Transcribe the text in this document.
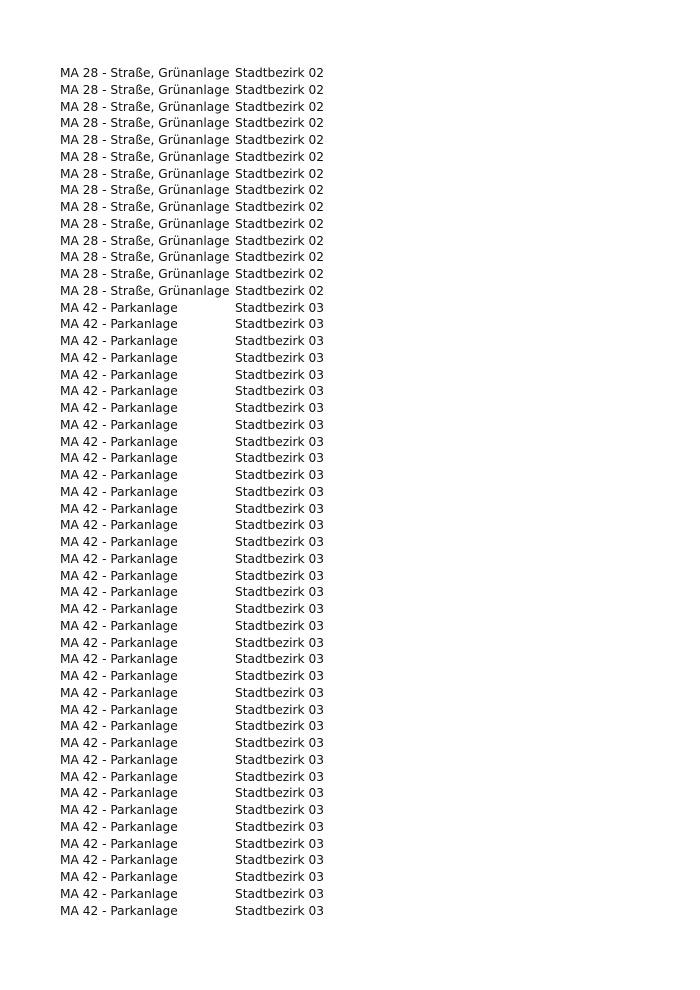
MA 28 - Straße, Grünanlage Stadtbezirk 02
MA 28 - Straße, Grünanlage Stadtbezirk 02
MA 28 - Straße, Grünanlage Stadtbezirk 02
MA 28 - Straße, Grünanlage Stadtbezirk 02
MA 28 - Straße, Grünanlage Stadtbezirk 02
MA 28 - Straße, Grünanlage Stadtbezirk 02
MA 28 - Straße, Grünanlage Stadtbezirk 02
MA 28 - Straße, Grünanlage Stadtbezirk 02
MA 28 - Straße, Grünanlage Stadtbezirk 02
MA 28 - Straße, Grünanlage Stadtbezirk 02
MA 28 - Straße, Grünanlage Stadtbezirk 02
MA 28 - Straße, Grünanlage Stadtbezirk 02
MA 28 - Straße, Grünanlage Stadtbezirk 02
MA 28 - Straße, Grünanlage Stadtbezirk 02
MA 42 - Parkanlage	Stadtbezirk 03
MA 42 - Parkanlage	Stadtbezirk 03
MA 42 - Parkanlage	Stadtbezirk 03
MA 42 - Parkanlage	Stadtbezirk 03
MA 42 - Parkanlage	Stadtbezirk 03
MA 42 - Parkanlage	Stadtbezirk 03
MA 42 - Parkanlage	Stadtbezirk 03
MA 42 - Parkanlage	Stadtbezirk 03
MA 42 - Parkanlage	Stadtbezirk 03
MA 42 - Parkanlage	Stadtbezirk 03
MA 42 - Parkanlage	Stadtbezirk 03
MA 42 - Parkanlage	Stadtbezirk 03
MA 42 - Parkanlage	Stadtbezirk 03
MA 42 - Parkanlage	Stadtbezirk 03
MA 42 - Parkanlage	Stadtbezirk 03
MA 42 - Parkanlage	Stadtbezirk 03
MA 42 - Parkanlage	Stadtbezirk 03
MA 42 - Parkanlage	Stadtbezirk 03
MA 42 - Parkanlage	Stadtbezirk 03
MA 42 - Parkanlage	Stadtbezirk 03
MA 42 - Parkanlage	Stadtbezirk 03
MA 42 - Parkanlage	Stadtbezirk 03
MA 42 - Parkanlage	Stadtbezirk 03
MA 42 - Parkanlage	Stadtbezirk 03
MA 42 - Parkanlage	Stadtbezirk 03
MA 42 - Parkanlage	Stadtbezirk 03
MA 42 - Parkanlage	Stadtbezirk 03
MA 42 - Parkanlage	Stadtbezirk 03
MA 42 - Parkanlage	Stadtbezirk 03
MA 42 - Parkanlage	Stadtbezirk 03
MA 42 - Parkanlage	Stadtbezirk 03
MA 42 - Parkanlage	Stadtbezirk 03
MA 42 - Parkanlage	Stadtbezirk 03
MA 42 - Parkanlage	Stadtbezirk 03
MA 42 - Parkanlage	Stadtbezirk 03
MA 42 - Parkanlage	Stadtbezirk 03
MA 42 - Parkanlage	Stadtbezirk 03
